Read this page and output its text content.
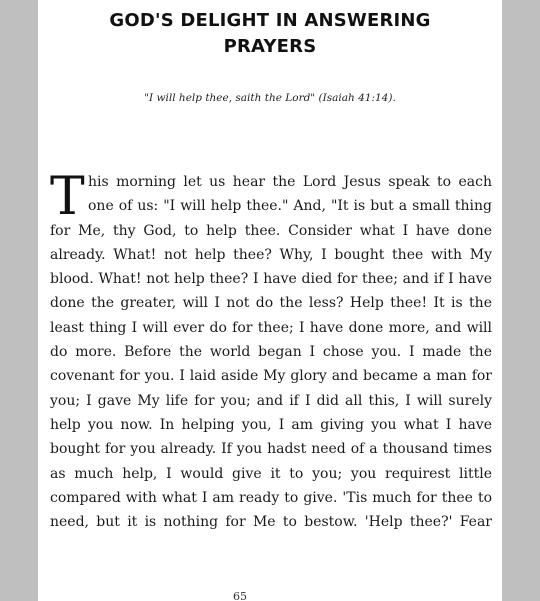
GOD'S DELIGHT IN ANSWERING
PRAYERS
"I will help thee, saith the Lord" (Isaiah 41:14).
T his morning let us hear the Lord Jesus speak to each
one of us: "I will help thee." And, "It is but a small thing
for Me, thy God, to help thee. Consider what I have done
already. What! not help thee? Why, I bought thee with My
blood. What! not help thee? I have died for thee; and if I have
done the greater, will I not do the less? Help thee! It is the
least thing I will ever do for thee; I have done more, and will
do more. Before the world began I chose you. I made the
covenant for you. I laid aside My glory and became a man for
you; I gave My life for you; and if I did all this, I will surely
help you now. In helping you, I am giving you what I have
bought for you already. If you hadst need of a thousand times
as much help, I would give it to you; you requirest little
compared with what I am ready to give. 'Tis much for thee to
need, but it is nothing for Me to bestow. 'Help thee?' Fear
65
